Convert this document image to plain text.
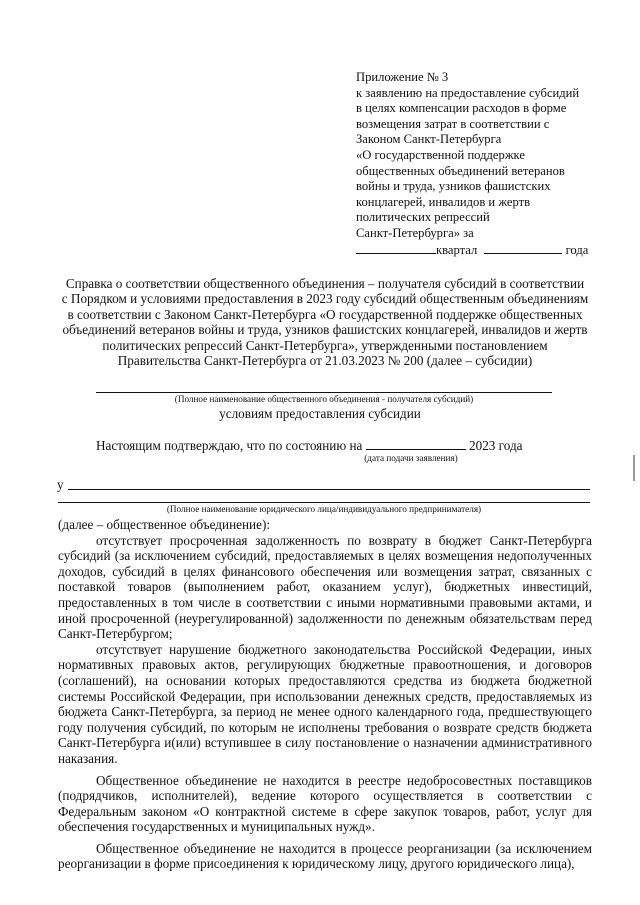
Приложение № 3
к заявлению на предоставление субсидий
в целях компенсации расходов в форме
возмещения затрат в соответствии с
Законом Санкт-Петербурга
«О государственной поддержке
общественных объединений ветеранов
войны и труда, узников фашистских
концлагерей, инвалидов и жертв
политических репрессий
Санкт-Петербурга» за
квартал	года
Справка о соответствии общественного объединения – получателя субсидий в соответствии
с Порядком и условиями предоставления в 2023 году субсидий общественным объединениям
в соответствии с Законом Санкт-Петербурга «О государственной поддержке общественных
объединений ветеранов войны и труда, узников фашистских концлагерей, инвалидов и жертв
политических репрессий Санкт-Петербурга», утвержденными постановлением
Правительства Санкт-Петербурга от 21.03.2023 № 200 (далее – субсидии)
(Полное наименование общественного объединения - получателя субсидий)
условиям предоставления субсидии
Настоящим подтверждаю, что по состоянию на	2023 года
(дата подачи заявления)
у
(Полное наименование юридического лица/индивидуального предпринимателя)

(далее – общественное объединение):

отсутствует просроченная задолженность по возврату в бюджет Санкт-Петербурга субсидий (за исключением субсидий, предоставляемых в целях возмещения недополученных доходов, субсидий в целях финансового обеспечения или возмещения затрат, связанных с поставкой товаров (выполнением работ, оказанием услуг), бюджетных инвестиций, предоставленных в том числе в соответствии с иными нормативными правовыми актами, и иной просроченной (неурегулированной) задолженности по денежным обязательствам перед Санкт-Петербургом;

отсутствует нарушение бюджетного законодательства Российской Федерации, иных нормативных правовых актов, регулирующих бюджетные правоотношения, и договоров (соглашений), на основании которых предоставляются средства из бюджета бюджетной системы Российской Федерации, при использовании денежных средств, предоставляемых из бюджета Санкт-Петербурга, за период не менее одного календарного года, предшествующего году получения субсидий, по которым не исполнены требования о возврате средств бюджета Санкт-Петербурга и(или) вступившее в силу постановление о назначении административного наказания.

Общественное объединение не находится в реестре недобросовестных поставщиков (подрядчиков, исполнителей), ведение которого осуществляется в соответствии с Федеральным законом «О контрактной системе в сфере закупок товаров, работ, услуг для обеспечения государственных и муниципальных нужд».

Общественное объединение не находится в процессе реорганизации (за исключением реорганизации в форме присоединения к юридическому лицу, другого юридического лица),
